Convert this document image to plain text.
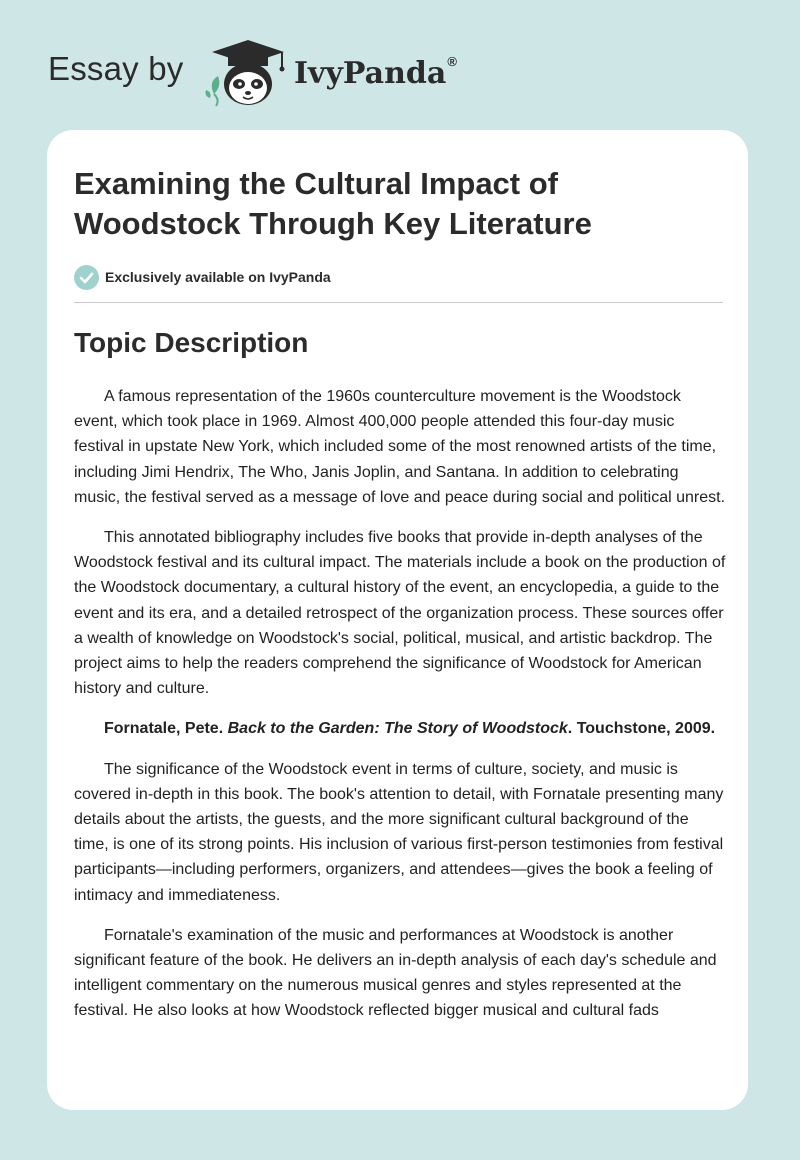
Essay by	IvyPanda®
Examining the Cultural Impact of Woodstock Through Key Literature
Exclusively available on IvyPanda
Topic Description

A famous representation of the 1960s counterculture movement is the Woodstock event, which took place in 1969. Almost 400,000 people attended this four-day music festival in upstate New York, which included some of the most renowned artists of the time, including Jimi Hendrix, The Who, Janis Joplin, and Santana. In addition to celebrating music, the festival served as a message of love and peace during social and political unrest.

This annotated bibliography includes five books that provide in-depth analyses of the Woodstock festival and its cultural impact. The materials include a book on the production of the Woodstock documentary, a cultural history of the event, an encyclopedia, a guide to the event and its era, and a detailed retrospect of the organization process. These sources offer a wealth of knowledge on Woodstock's social, political, musical, and artistic backdrop. The project aims to help the readers comprehend the significance of Woodstock for American history and culture.

Fornatale, Pete. Back to the Garden: The Story of Woodstock. Touchstone, 2009.

The significance of the Woodstock event in terms of culture, society, and music is covered in-depth in this book. The book's attention to detail, with Fornatale presenting many details about the artists, the guests, and the more significant cultural background of the time, is one of its strong points. His inclusion of various first-person testimonies from festival participants—including performers, organizers, and attendees—gives the book a feeling of intimacy and immediateness.

Fornatale's examination of the music and performances at Woodstock is another significant feature of the book. He delivers an in-depth analysis of each day's schedule and intelligent commentary on the numerous musical genres and styles represented at the festival. He also looks at how Woodstock reflected bigger musical and cultural fads
